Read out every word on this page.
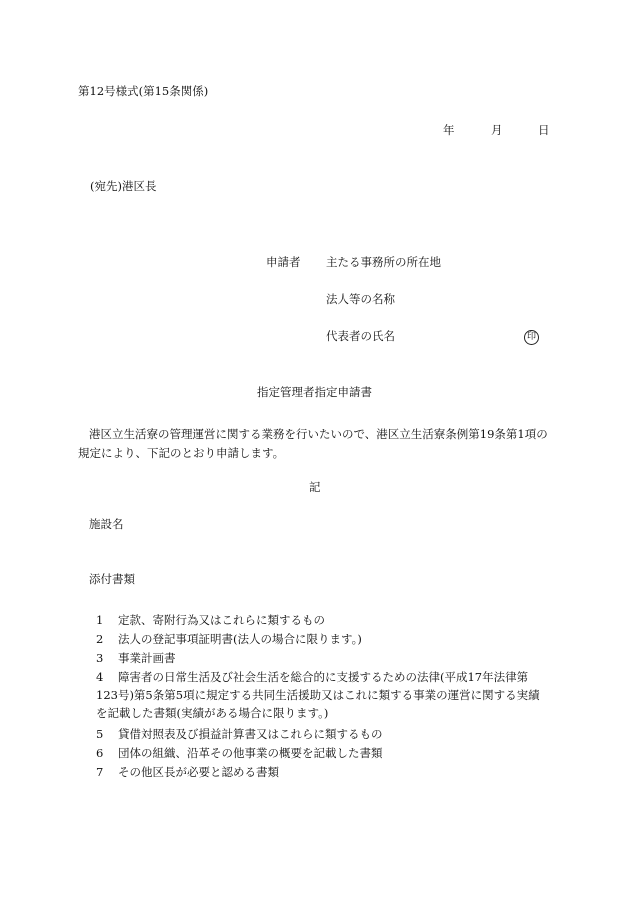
第12号様式(第15条関係)
年	月	日
(宛先)港区長
申請者 主たる事務所の所在地
法人等の名称
代表者の氏名	印
指定管理者指定申請書
港区立生活寮の管理運営に関する業務を行いたいので、港区立生活寮条例第19条第1項の規定により、下記のとおり申請します。
記
施設名
添付書類
1 定款、寄附行為又はこれらに類するもの
2 法人の登記事項証明書(法人の場合に限ります。)
3 事業計画書
4 障害者の日常生活及び社会生活を総合的に支援するための法律(平成17年法律第123号)第5条第5項に規定する共同生活援助又はこれに類する事業の運営に関する実績を記載した書類(実績がある場合に限ります。)
5 貸借対照表及び損益計算書又はこれらに類するもの
6 団体の組織、沿革その他事業の概要を記載した書類
7 その他区長が必要と認める書類
